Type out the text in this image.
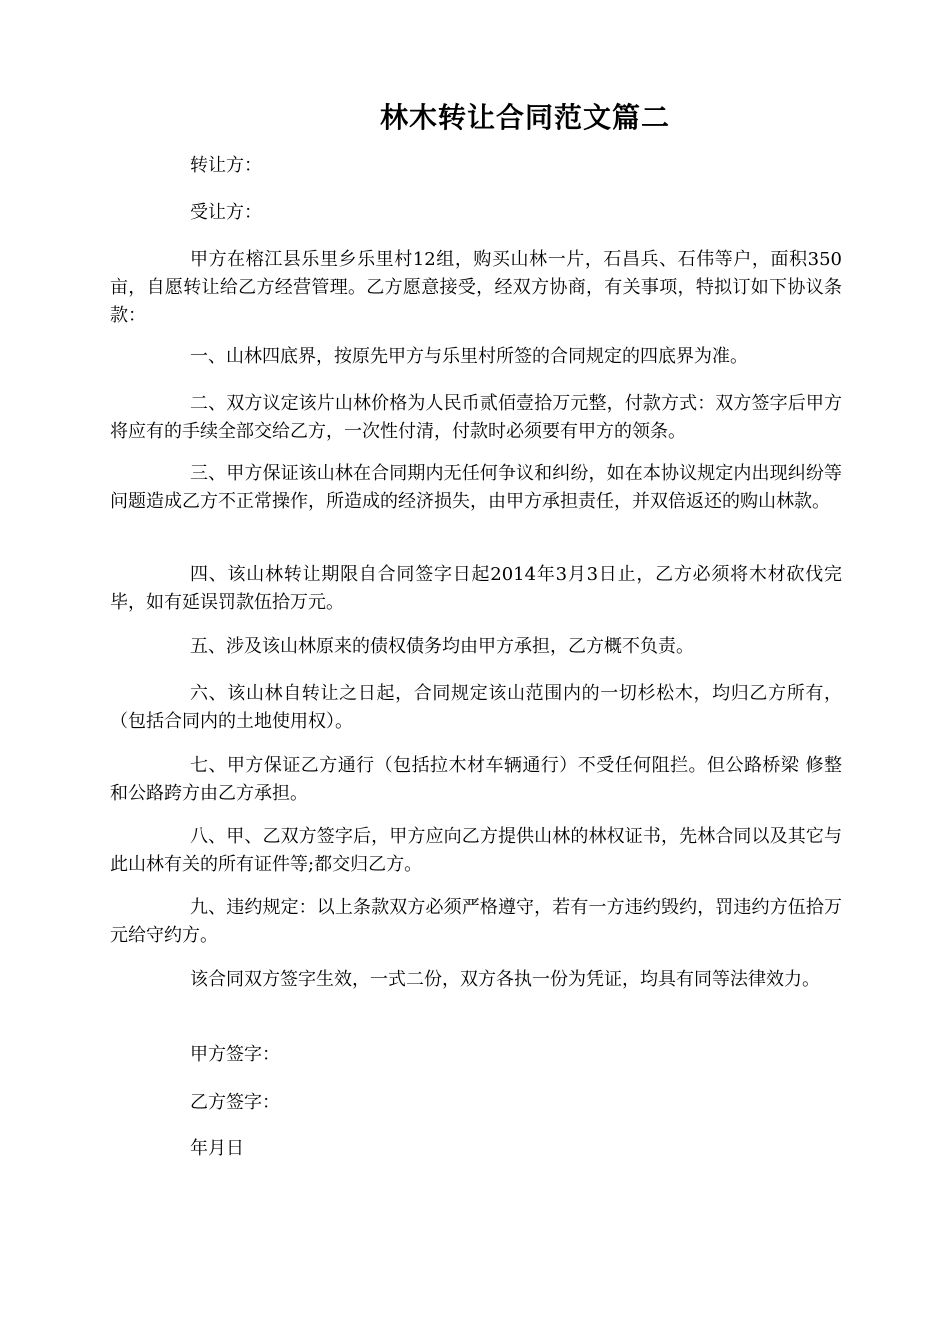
林木转让合同范文篇二

转让方：

受让方：

甲方在榕江县乐里乡乐里村12组，购买山林一片，石昌兵、石伟等户，面积350亩，自愿转让给乙方经营管理。乙方愿意接受，经双方协商，有关事项，特拟订如下协议条款：

一、山林四底界，按原先甲方与乐里村所签的合同规定的四底界为准。

二、双方议定该片山林价格为人民币贰佰壹拾万元整，付款方式：双方签字后甲方将应有的手续全部交给乙方，一次性付清，付款时必须要有甲方的领条。

三、甲方保证该山林在合同期内无任何争议和纠纷，如在本协议规定内出现纠纷等问题造成乙方不正常操作，所造成的经济损失，由甲方承担责任，并双倍返还的购山林款。

四、该山林转让期限自合同签字日起2014年3月3日止，乙方必须将木材砍伐完毕，如有延误罚款伍拾万元。

五、涉及该山林原来的债权债务均由甲方承担，乙方概不负责。

六、该山林自转让之日起，合同规定该山范围内的一切杉松木，均归乙方所有，（包括合同内的土地使用权）。

七、甲方保证乙方通行（包括拉木材车辆通行）不受任何阻拦。但公路桥梁 修整和公路跨方由乙方承担。

八、甲、乙双方签字后，甲方应向乙方提供山林的林权证书，先林合同以及其它与此山林有关的所有证件等;都交归乙方。

九、违约规定：以上条款双方必须严格遵守，若有一方违约毁约，罚违约方伍拾万元给守约方。

该合同双方签字生效，一式二份，双方各执一份为凭证，均具有同等法律效力。

甲方签字：

乙方签字：

年月日
